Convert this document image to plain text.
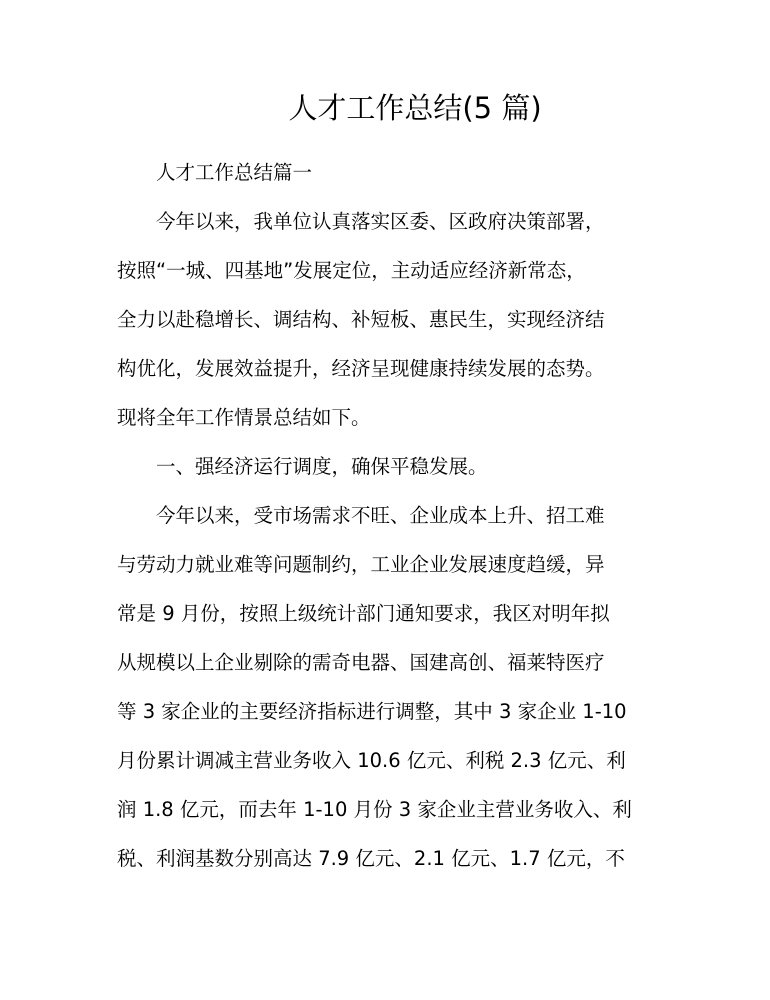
人才工作总结(5 篇)
人才工作总结篇一
今年以来，我单位认真落实区委、区政府决策部署，
按照“一城、四基地”发展定位，主动适应经济新常态，
全力以赴稳增长、调结构、补短板、惠民生，实现经济结
构优化，发展效益提升，经济呈现健康持续发展的态势。
现将全年工作情景总结如下。
一、强经济运行调度，确保平稳发展。
今年以来，受市场需求不旺、企业成本上升、招工难
与劳动力就业难等问题制约，工业企业发展速度趋缓，异
常是 9 月份，按照上级统计部门通知要求，我区对明年拟
从规模以上企业剔除的需奇电器、国建高创、福莱特医疗
等 3 家企业的主要经济指标进行调整，其中 3 家企业 1-10
月份累计调减主营业务收入 10.6 亿元、利税 2.3 亿元、利
润 1.8 亿元，而去年 1-10 月份 3 家企业主营业务收入、利
税、利润基数分别高达 7.9 亿元、2.1 亿元、1.7 亿元，不
